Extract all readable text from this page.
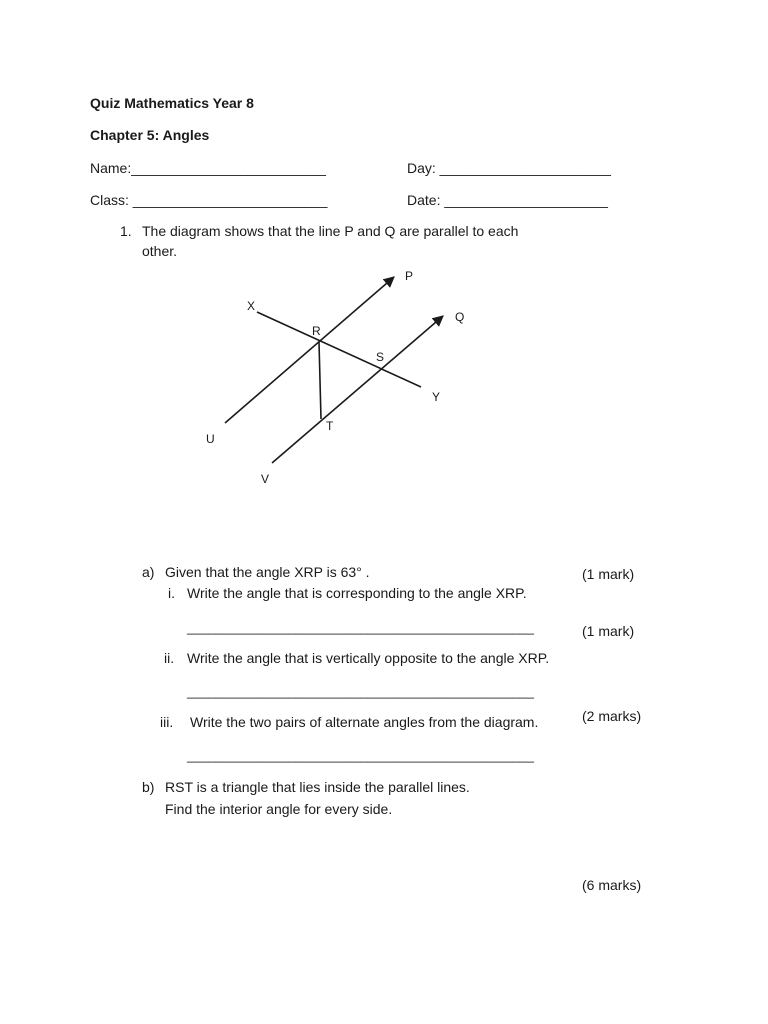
Quiz Mathematics Year 8
Chapter 5: Angles
Name:_________________________	Day: ______________________
Class: _________________________	Date: _____________________
1. The diagram shows that the line P and Q are parallel to each
other.
P
Q
X
R
S
Y
T
U
V
a) Given that the angle XRP is 63° .	(1 mark)
i. Write the angle that is corresponding to the angle XRP.
________________________________________________	(1 mark)
ii. Write the angle that is vertically opposite to the angle XRP.
________________________________________________
iii. Write the two pairs of alternate angles from the diagram.	(2 marks)
________________________________________________
b) RST is a triangle that lies inside the parallel lines.
Find the interior angle for every side.
(6 marks)
